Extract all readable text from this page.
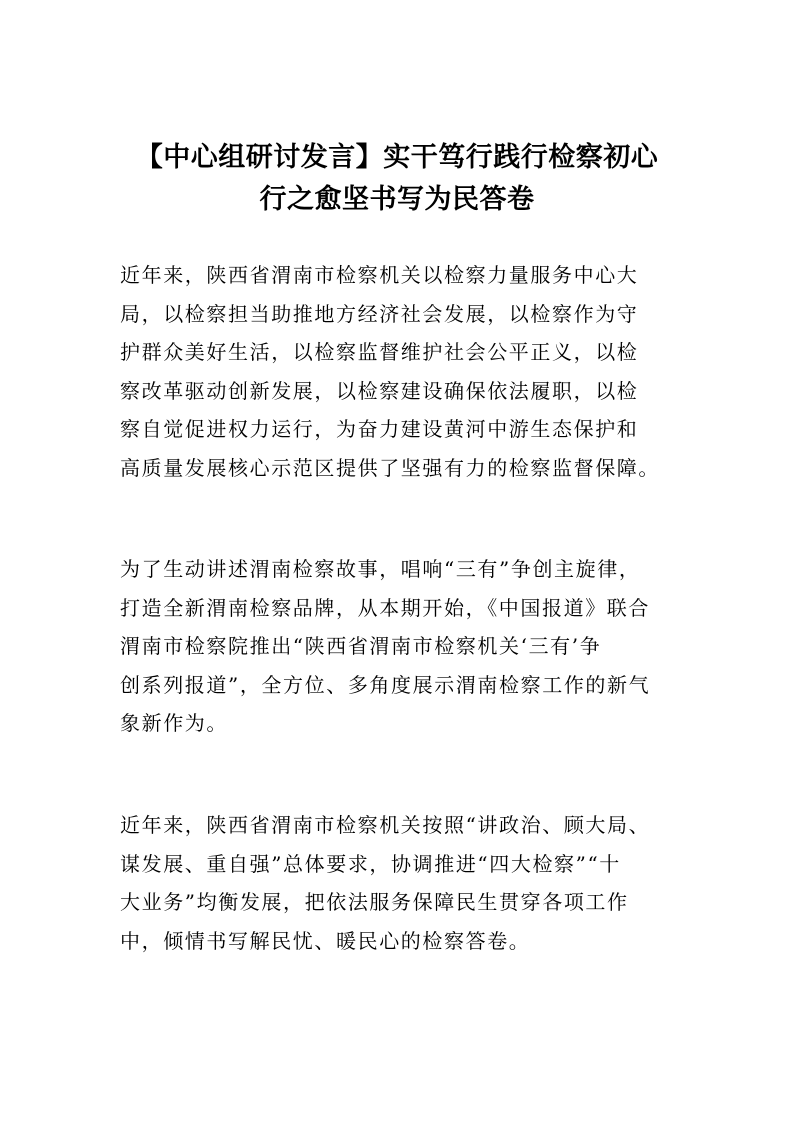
【中心组研讨发言】实干笃行践行检察初心
行之愈坚书写为民答卷
近年来，陕西省渭南市检察机关以检察力量服务中心大
局，以检察担当助推地方经济社会发展，以检察作为守
护群众美好生活，以检察监督维护社会公平正义，以检
察改革驱动创新发展，以检察建设确保依法履职，以检
察自觉促进权力运行，为奋力建设黄河中游生态保护和
高质量发展核心示范区提供了坚强有力的检察监督保障。
为了生动讲述渭南检察故事，唱响“三有”争创主旋律，
打造全新渭南检察品牌，从本期开始，《中国报道》联合
渭南市检察院推出“陕西省渭南市检察机关‘三有’争
创系列报道”，全方位、多角度展示渭南检察工作的新气
象新作为。
近年来，陕西省渭南市检察机关按照“讲政治、顾大局、
谋发展、重自强”总体要求，协调推进“四大检察”“十
大业务”均衡发展，把依法服务保障民生贯穿各项工作
中，倾情书写解民忧、暖民心的检察答卷。
